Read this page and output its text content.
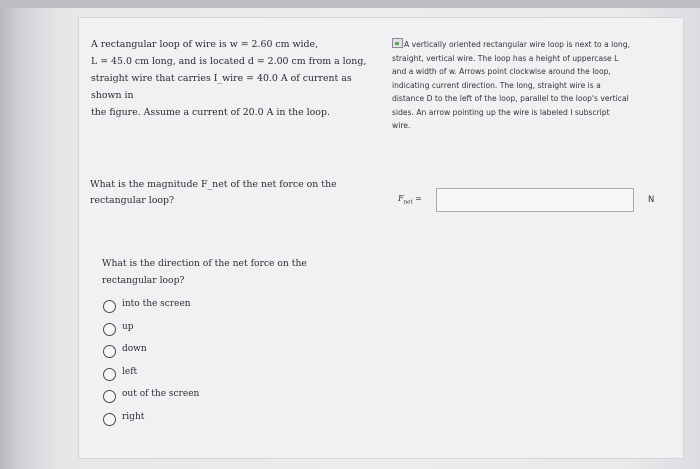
A rectangular loop of wire is w = 2.60 cm wide,
L = 45.0 cm long, and is located d = 2.00 cm from a long,
straight wire that carries I_wire = 40.0 A of current as shown in
the figure. Assume a current of 20.0 A in the loop.
A vertically oriented rectangular wire loop is next to a long,
straight, vertical wire. The loop has a height of uppercase L
and a width of w. Arrows point clockwise around the loop,
indicating current direction. The long, straight wire is a
distance D to the left of the loop, parallel to the loop's vertical
sides. An arrow pointing up the wire is labeled I subscript
wire.
What is the magnitude F_net of the net force on the
rectangular loop?	$F_{net}$ =	N
What is the direction of the net force on the
rectangular loop?
into the screen
up
down
left
out of the screen
right
